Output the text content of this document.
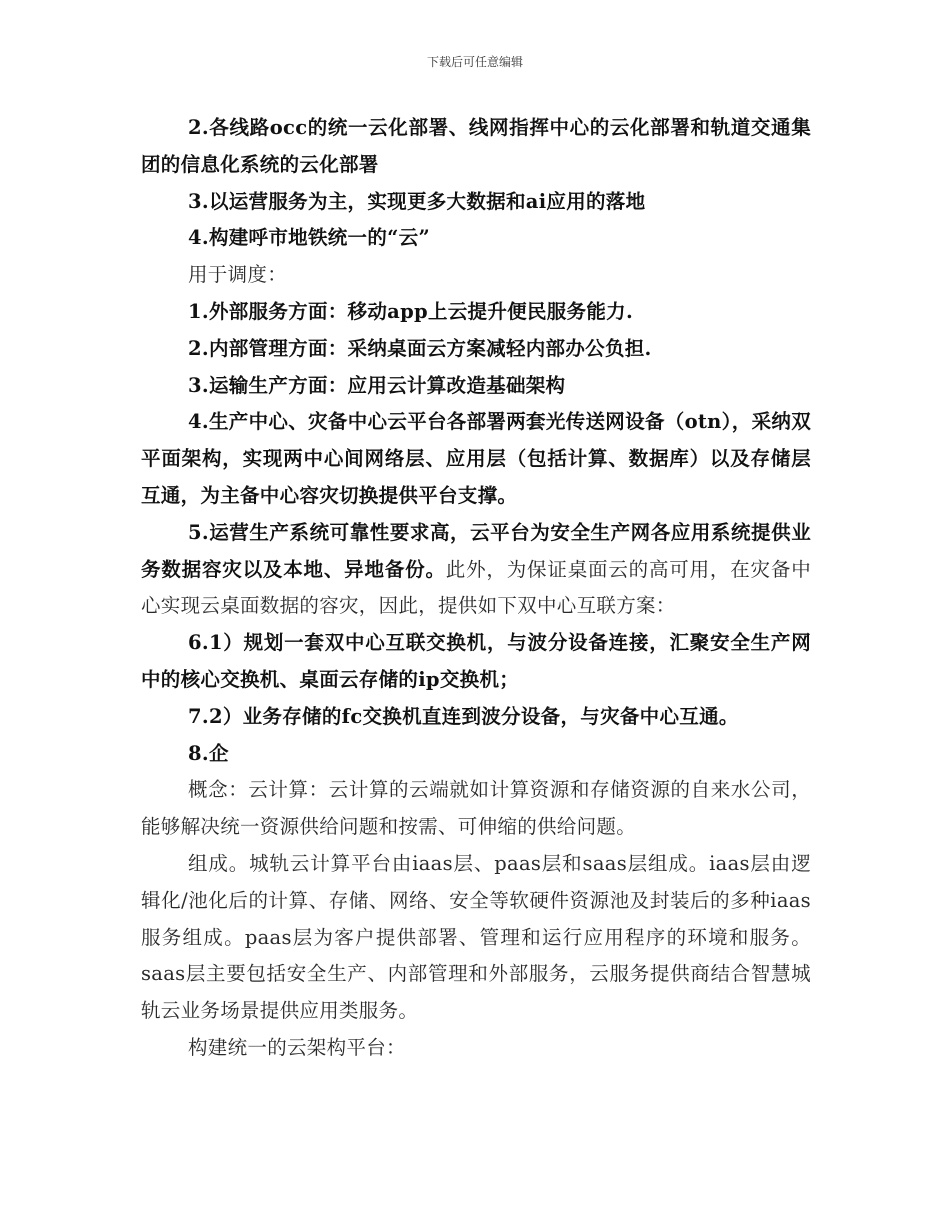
下载后可任意编辑

2.各线路occ的统一云化部署、线网指挥中心的云化部署和轨道交通集团的信息化系统的云化部署

3.以运营服务为主，实现更多大数据和ai应用的落地

4.构建呼市地铁统一的“云”

用于调度：

1.外部服务方面：移动app上云提升便民服务能力.

2.内部管理方面：采纳桌面云方案减轻内部办公负担.

3.运输生产方面：应用云计算改造基础架构

4.生产中心、灾备中心云平台各部署两套光传送网设备（otn），采纳双平面架构，实现两中心间网络层、应用层（包括计算、数据库）以及存储层互通，为主备中心容灾切换提供平台支撑。

5.运营生产系统可靠性要求高，云平台为安全生产网各应用系统提供业务数据容灾以及本地、异地备份。此外，为保证桌面云的高可用，在灾备中心实现云桌面数据的容灾，因此，提供如下双中心互联方案：

6.1）规划一套双中心互联交换机，与波分设备连接，汇聚安全生产网中的核心交换机、桌面云存储的ip交换机；

7.2）业务存储的fc交换机直连到波分设备，与灾备中心互通。

8.企

概念：云计算：云计算的云端就如计算资源和存储资源的自来水公司，能够解决统一资源供给问题和按需、可伸缩的供给问题。

组成。城轨云计算平台由iaas层、paas层和saas层组成。iaas层由逻辑化/池化后的计算、存储、网络、安全等软硬件资源池及封装后的多种iaas服务组成。paas层为客户提供部署、管理和运行应用程序的环境和服务。saas层主要包括安全生产、内部管理和外部服务，云服务提供商结合智慧城轨云业务场景提供应用类服务。

构建统一的云架构平台：
